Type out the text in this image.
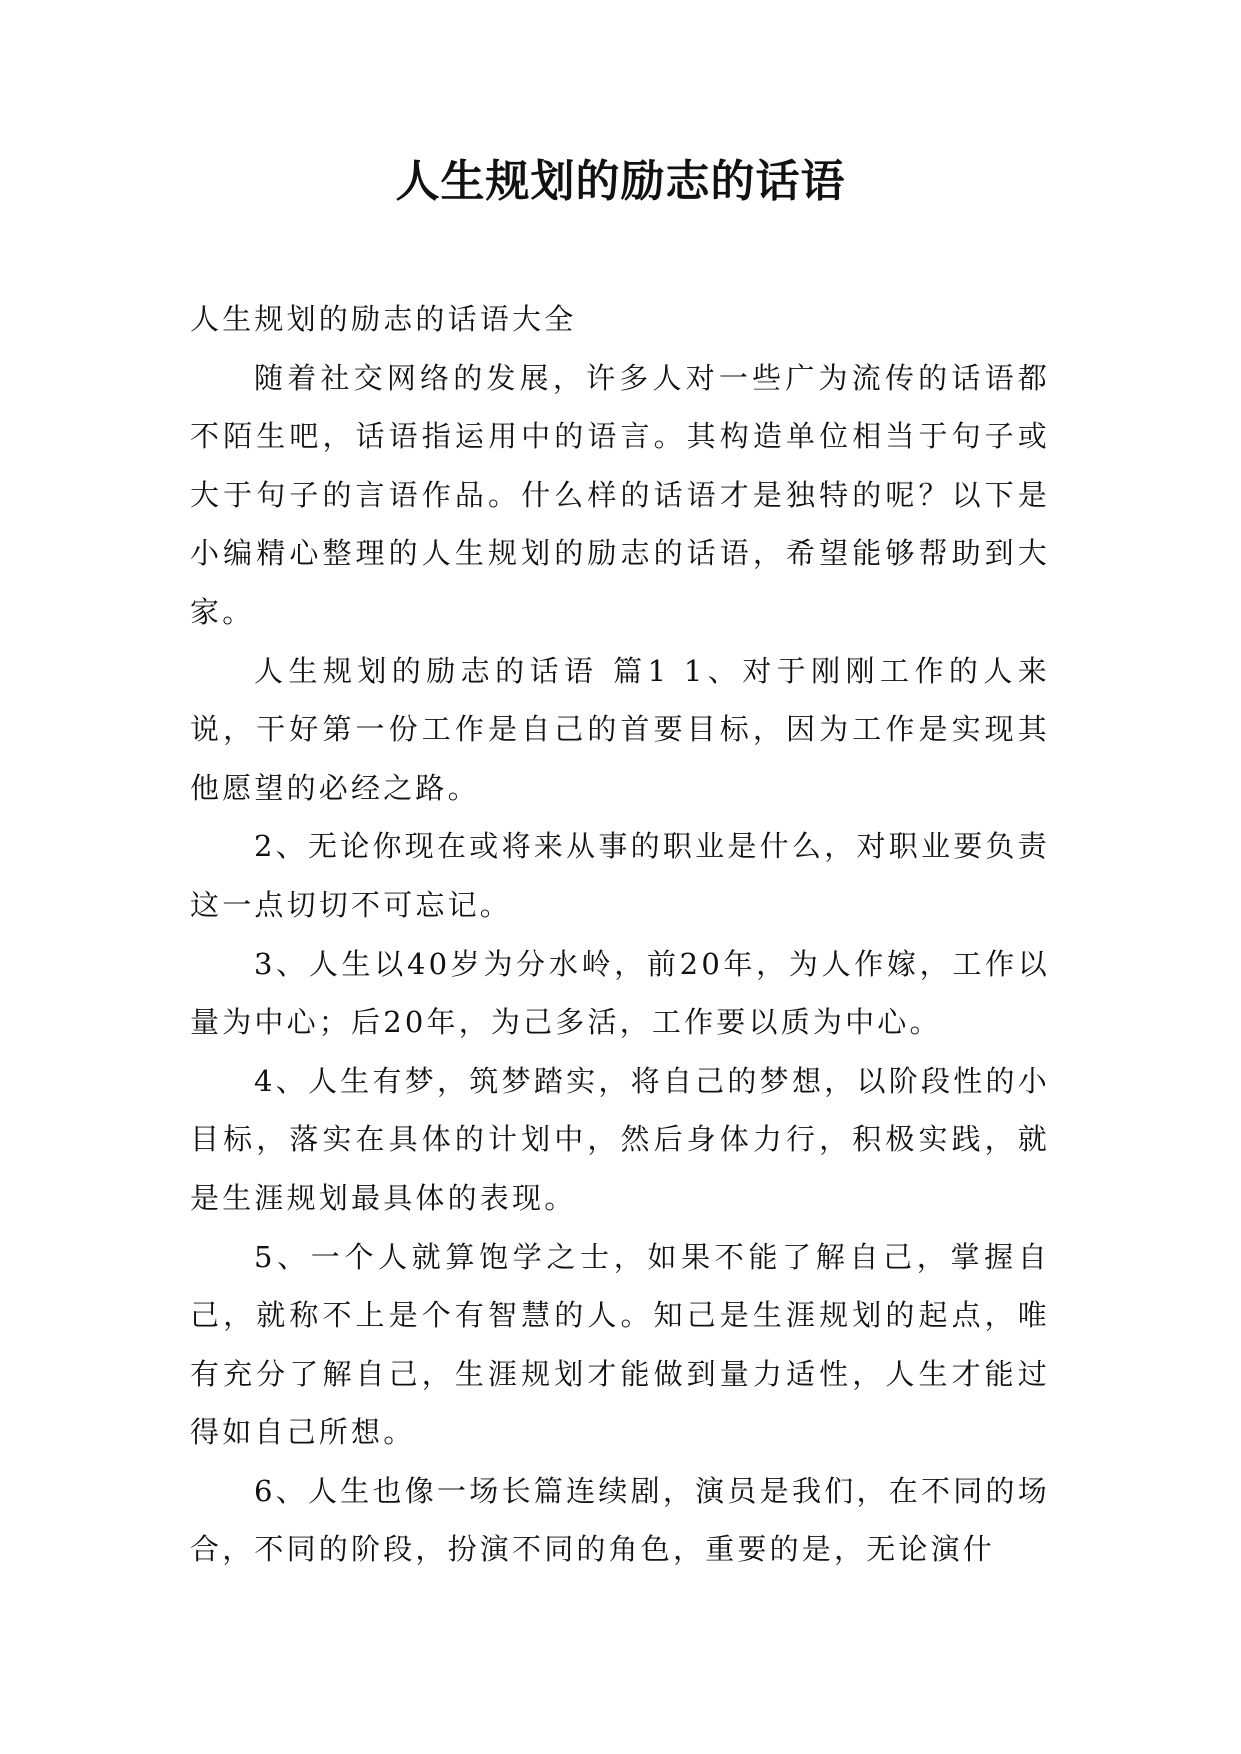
人生规划的励志的话语

人生规划的励志的话语大全

随着社交网络的发展，许多人对一些广为流传的话语都不陌生吧，话语指运用中的语言。其构造单位相当于句子或大于句子的言语作品。什么样的话语才是独特的呢？以下是小编精心整理的人生规划的励志的话语，希望能够帮助到大家。

人生规划的励志的话语 篇1 1、对于刚刚工作的人来说，干好第一份工作是自己的首要目标，因为工作是实现其他愿望的必经之路。

2、无论你现在或将来从事的职业是什么，对职业要负责这一点切切不可忘记。

3、人生以40岁为分水岭，前20年，为人作嫁，工作以量为中心；后20年，为己多活，工作要以质为中心。

4、人生有梦，筑梦踏实，将自己的梦想，以阶段性的小目标，落实在具体的计划中，然后身体力行，积极实践，就是生涯规划最具体的表现。

5、一个人就算饱学之士，如果不能了解自己，掌握自己，就称不上是个有智慧的人。知己是生涯规划的起点，唯有充分了解自己，生涯规划才能做到量力适性，人生才能过得如自己所想。

6、人生也像一场长篇连续剧，演员是我们，在不同的场合，不同的阶段，扮演不同的角色，重要的是，无论演什
